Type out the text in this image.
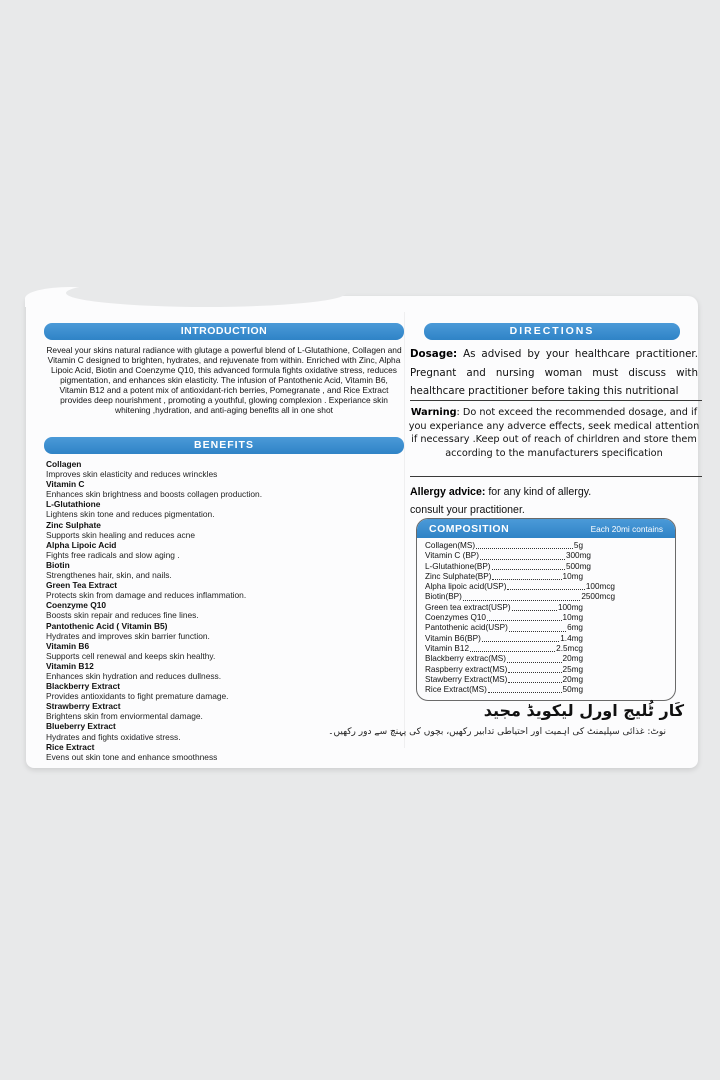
INTRODUCTION
Reveal your skins natural radiance with glutage a powerful blend of L-Glutathione, Collagen and Vitamin C designed to brighten, hydrates, and rejuvenate from within. Enriched with Zinc, Alpha Lipoic Acid, Biotin and Coenzyme Q10, this advanced formula fights oxidative stress, reduces pigmentation, and enhances skin elasticity. The infusion of Pantothenic Acid, Vitamin B6, Vitamin B12 and a potent mix of antioxidant-rich berries, Pomegranate , and Rice Extract provides deep nourishment , promoting a youthful, glowing complexion . Experiance skin whitening ,hydration, and anti-aging benefits all in one shot
BENEFITS
Collagen
Improves skin elasticity and reduces wrinckles
Vitamin C
Enhances skin brightness and boosts collagen production.
L-Glutathione
Lightens skin tone and reduces pigmentation.
Zinc Sulphate
Supports skin healing and reduces acne
Alpha Lipoic Acid
Fights free radicals and slow aging .
Biotin
Strengthenes hair, skin, and nails.
Green Tea Extract
Protects skin from damage and reduces inflammation.
Coenzyme Q10
Boosts skin repair and reduces fine lines.
Pantothenic Acid ( Vitamin B5)
Hydrates and improves skin barrier function.
Vitamin B6
Supports cell renewal and keeps skin healthy.
Vitamin B12
Enhances skin hydration and reduces dullness.
Blackberry Extract
Provides antioxidants to fight premature damage.
Strawberry Extract
Brightens skin from enviormental damage.
Blueberry Extract
Hydrates and fights oxidative stress.
Rice Extract
Evens out skin tone and enhance smoothness
DIRECTIONS
Dosage: As advised by your healthcare practitioner. Pregnant and nursing woman must discuss with healthcare practitioner before taking this nutritional
Warning: Do not exceed the recommended dosage, and if you experiance any adverce effects, seek medical attention if necessary .Keep out of reach of chirldren and store them according to the manufacturers specification
Allergy advice: for any kind of allergy.
consult your practitioner.
COMPOSITION	Each 20mi contains
Collagen(MS)	5g
Vitamin C (BP)	300mg
L-Glutathione(BP)	500mg
Zinc Sulphate(BP)	10mg
Alpha lipoic acid(USP)	100mcg
Biotin(BP)	2500mcg
Green tea extract(USP)	100mg
Coenzymes Q10	10mg
Pantothenic acid(USP)	6mg
Vitamin B6(BP)	1.4mg
Vitamin B12	2.5mcg
Blackberry extrac(MS)	20mg
Raspberry extract(MS)	25mg
Stawberry Extract(MS)	20mg
Rice Extract(MS)	50mg
کَار ٹُلیج اورل لیکویڈ مجید
نوٹ: غذائی سپلیمنٹ کی اہمیت اور احتیاطی تدابیر رکھیں، بچوں کی پہنچ سے دور رکھیں۔
